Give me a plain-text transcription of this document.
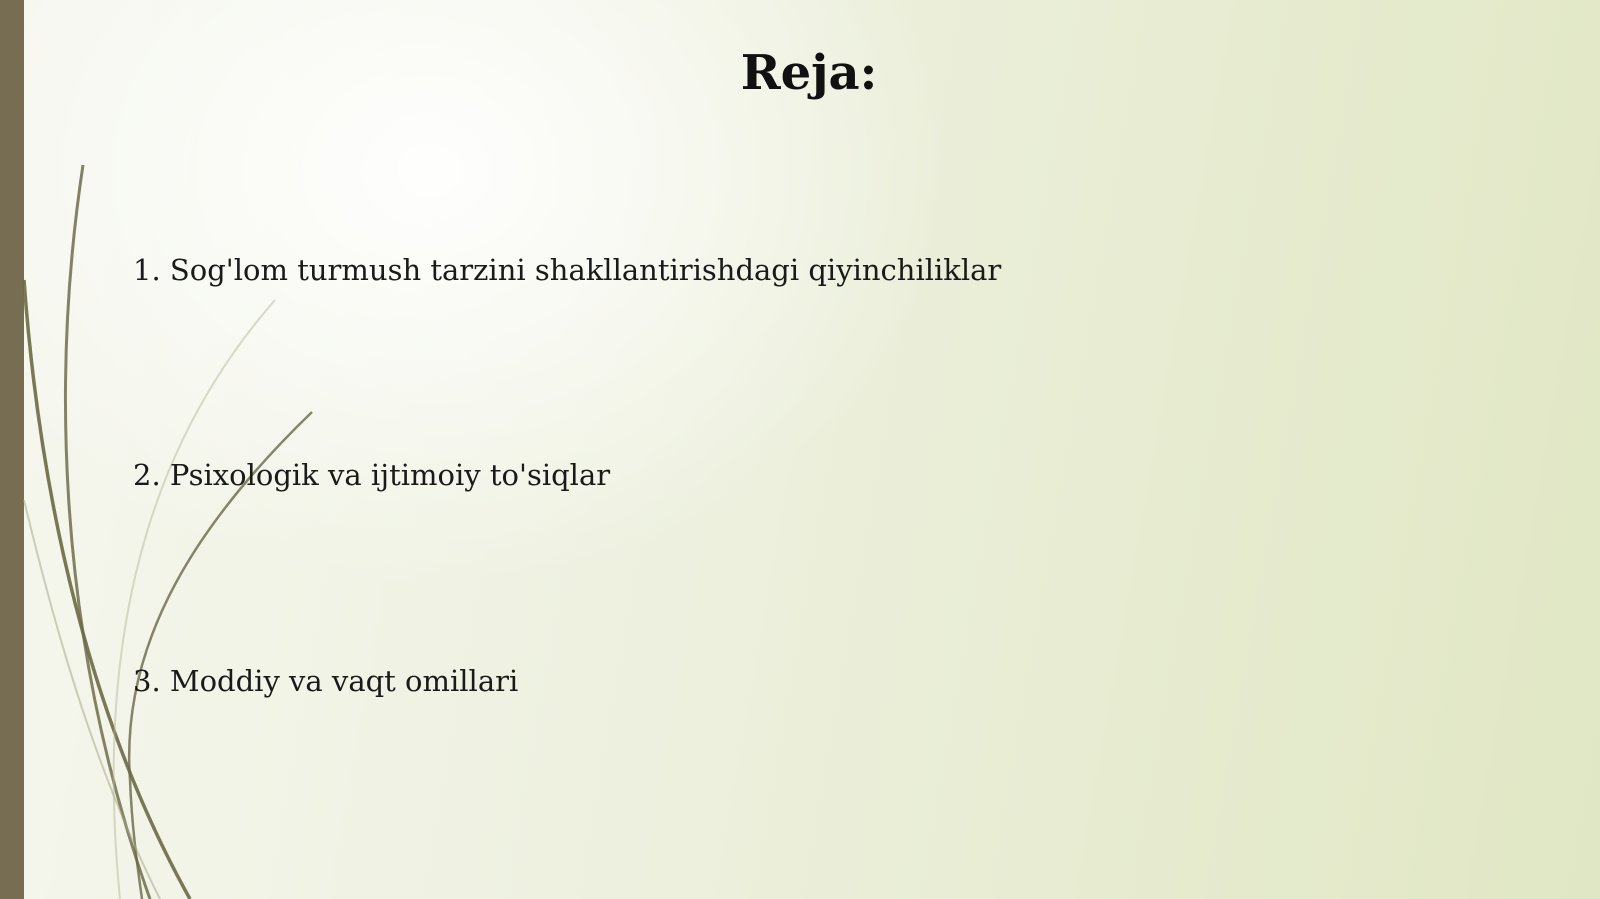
Reja:

1. Sog'lom turmush tarzini shakllantirishdagi qiyinchiliklar

2. Psixologik va ijtimoiy to'siqlar

3. Moddiy va vaqt omillari
